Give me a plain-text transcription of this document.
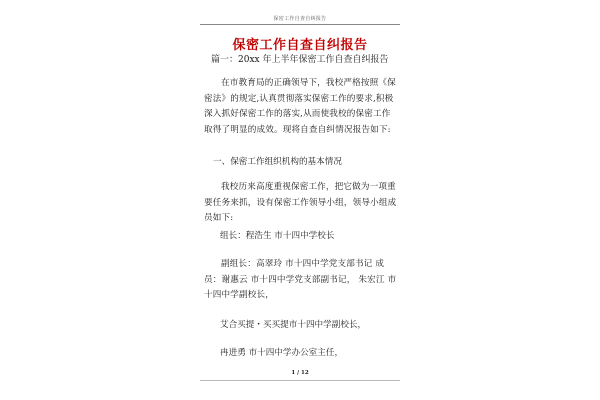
保密工作自查自纠报告
保密工作自查自纠报告
篇一：20xx 年上半年保密工作自查自纠报告
在市教育局的正确领导下，我校严格按照《保密法》的规定,认真贯彻落实保密工作的要求,积极深入抓好保密工作的落实,从而使我校的保密工作取得了明显的成效。现将自查自纠情况报告如下:
一、保密工作组织机构的基本情况
我校历来高度重视保密工作，把它做为一项重要任务来抓，设有保密工作领导小组，领导小组成员如下:
组长：程浩生 市十四中学校长
副组长：高翠玲 市十四中学党支部书记 成员：谢惠云 市十四中学党支部副书记， 朱宏江 市十四中学副校长，
艾合买提・买买提市十四中学副校长，
冉进勇 市十四中学办公室主任，
1 / 12
